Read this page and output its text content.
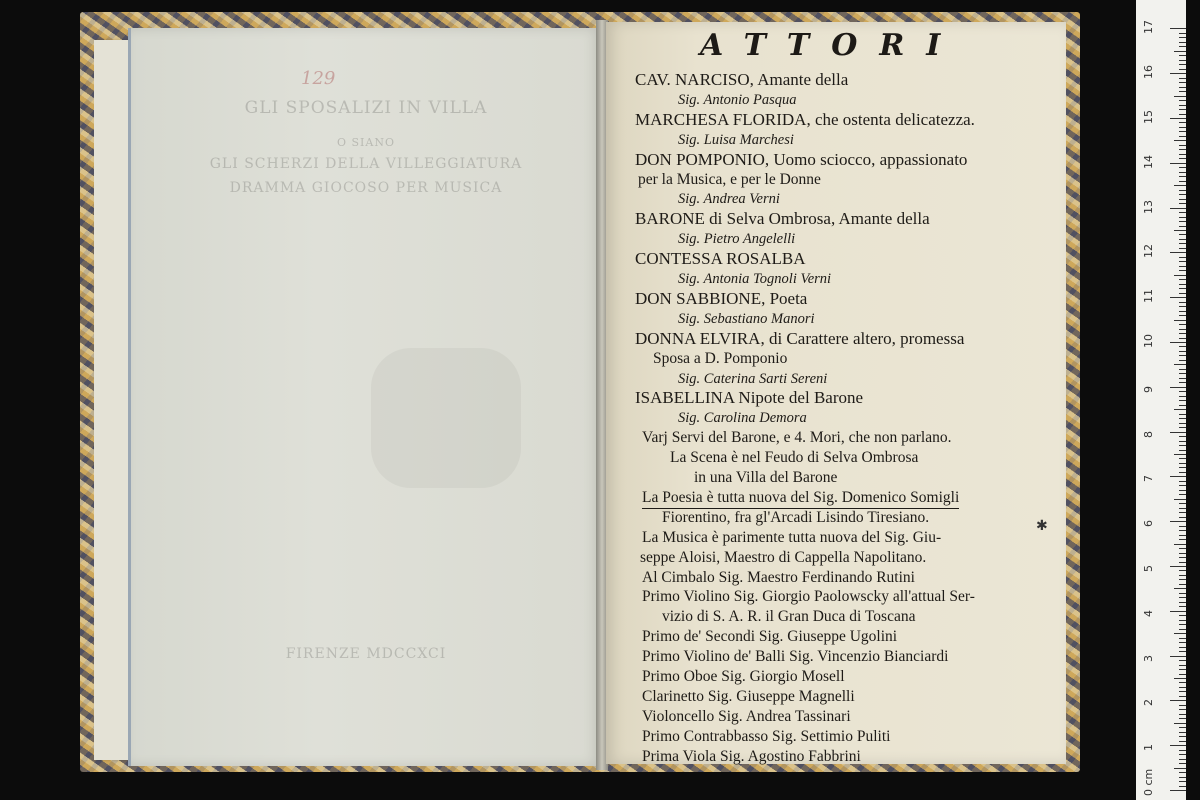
129
GLI SPOSALIZI IN VILLA
O SIANO
GLI SCHERZI DELLA VILLEGGIATURA
DRAMMA GIOCOSO PER MUSICA
FIRENZE MDCCXCI
ATTORI
CAV. NARCISO, Amante della
Sig. Antonio Pasqua
MARCHESA FLORIDA, che ostenta delicatezza.
Sig. Luisa Marchesi
DON POMPONIO, Uomo sciocco, appassionato
per la Musica, e per le Donne
Sig. Andrea Verni
BARONE di Selva Ombrosa, Amante della
Sig. Pietro Angelelli
CONTESSA ROSALBA
Sig. Antonia Tognoli Verni
DON SABBIONE, Poeta
Sig. Sebastiano Manori
DONNA ELVIRA, di Carattere altero, promessa
Sposa a D. Pomponio
Sig. Caterina Sarti Sereni
ISABELLINA Nipote del Barone
Sig. Carolina Demora
Varj Servi del Barone, e 4. Mori, che non parlano.
La Scena è nel Feudo di Selva Ombrosa
in una Villa del Barone
La Poesia è tutta nuova del Sig. Domenico Somigli
Fiorentino, fra gl'Arcadi Lisindo Tiresiano.
La Musica è parimente tutta nuova del Sig. Giu-
seppe Aloisi, Maestro di Cappella Napolitano.
Al Cimbalo Sig. Maestro Ferdinando Rutini
Primo Violino Sig. Giorgio Paolowscky all'attual Ser-
vizio di S. A. R. il Gran Duca di Toscana
Primo de' Secondi Sig. Giuseppe Ugolini
Primo Violino de' Balli Sig. Vincenzio Bianciardi
Primo Oboe Sig. Giorgio Mosell
Clarinetto Sig. Giuseppe Magnelli
Violoncello Sig. Andrea Tassinari
Primo Contrabbasso Sig. Settimio Puliti
Prima Viola Sig. Agostino Fabbrini
✱
0 cm
1
2
3
4
5
6
7
8
9
10
11
12
13
14
15
16
17
